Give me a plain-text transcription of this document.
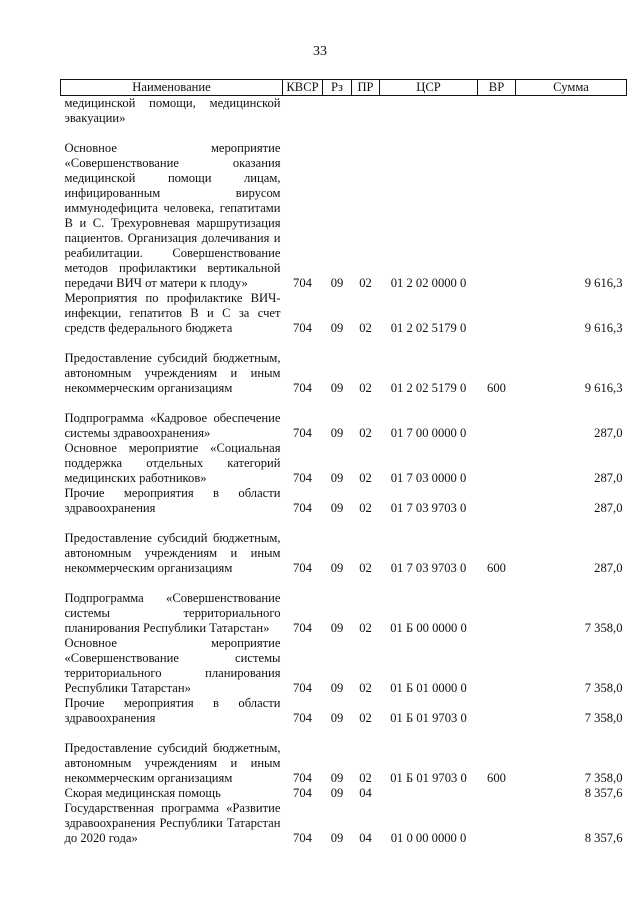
33
Наименование	КВСР	Рз	ПР	ЦСР	ВР	Сумма

медицинской помощи, медицинской эвакуации»						

Основное мероприятие «Совершенствование оказания медицинской помощи лицам, инфицированным вирусом иммунодефицита человека, гепатитами В и С. Трехуровневая маршрутизация пациентов. Организация долечивания и реабилитации. Совершенствование методов профилактики вертикальной передачи ВИЧ от матери к плоду»	704	09	02	01 2 02 0000 0		9 616,3

Мероприятия по профилактике ВИЧ-инфекции, гепатитов В и С за счет средств федерального бюджета	704	09	02	01 2 02 5179 0		9 616,3

Предоставление субсидий бюджетным, автономным учреждениям и иным некоммерческим организациям	704	09	02	01 2 02 5179 0	600	9 616,3

Подпрограмма «Кадровое обеспечение системы здравоохранения»	704	09	02	01 7 00 0000 0		287,0

Основное мероприятие «Социальная поддержка отдельных категорий медицинских работников»	704	09	02	01 7 03 0000 0		287,0

Прочие мероприятия в области здравоохранения	704	09	02	01 7 03 9703 0		287,0

Предоставление субсидий бюджетным, автономным учреждениям и иным некоммерческим организациям	704	09	02	01 7 03 9703 0	600	287,0

Подпрограмма «Совершенствование системы территориального планирования Республики Татарстан»	704	09	02	01 Б 00 0000 0		7 358,0

Основное мероприятие «Совершенствование системы территориального планирования Республики Татарстан»	704	09	02	01 Б 01 0000 0		7 358,0

Прочие мероприятия в области здравоохранения	704	09	02	01 Б 01 9703 0		7 358,0

Предоставление субсидий бюджетным, автономным учреждениям и иным некоммерческим организациям	704	09	02	01 Б 01 9703 0	600	7 358,0

Скорая медицинская помощь	704	09	04			8 357,6

Государственная программа «Развитие здравоохранения Республики Татарстан до 2020 года»	704	09	04	01 0 00 0000 0		8 357,6
